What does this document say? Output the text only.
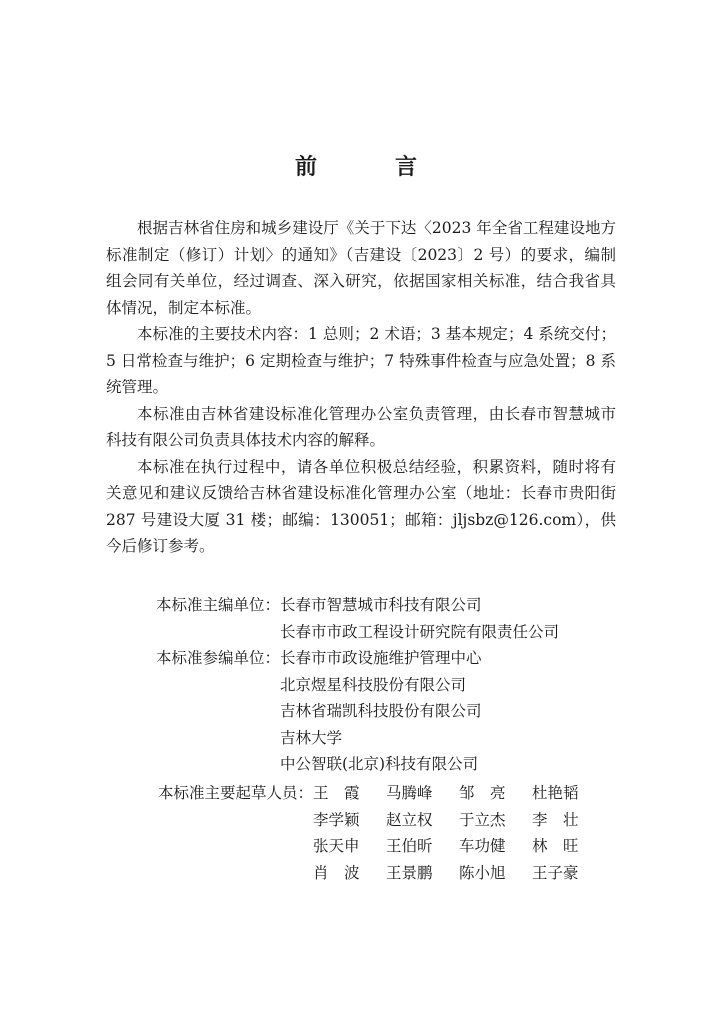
前　言

根据吉林省住房和城乡建设厅《关于下达〈2023 年全省工程建设地方标准制定（修订）计划〉的通知》（吉建设〔2023〕2 号）的要求，编制组会同有关单位，经过调查、深入研究，依据国家相关标准，结合我省具体情况，制定本标准。

本标准的主要技术内容：1 总则；2 术语；3 基本规定；4 系统交付；5 日常检查与维护；6 定期检查与维护；7 特殊事件检查与应急处置；8 系统管理。

本标准由吉林省建设标准化管理办公室负责管理，由长春市智慧城市科技有限公司负责具体技术内容的解释。

本标准在执行过程中，请各单位积极总结经验，积累资料，随时将有关意见和建议反馈给吉林省建设标准化管理办公室（地址：长春市贵阳街 287 号建设大厦 31 楼；邮编：130051；邮箱：jljsbz@126.com），供今后修订参考。

本标准主编单位： 长春市智慧城市科技有限公司
长春市市政工程设计研究院有限责任公司
本标准参编单位： 长春市市政设施维护管理中心
北京煜星科技股份有限公司
吉林省瑞凯科技股份有限公司
吉林大学
中公智联(北京)科技有限公司
本标准主要起草人员： 王　霞	马腾峰	邹　亮	杜艳韬
李学颖	赵立权	于立杰	李　壮
张天申	王伯昕	车功健	林　旺
肖　波	王景鹏	陈小旭	王子豪
